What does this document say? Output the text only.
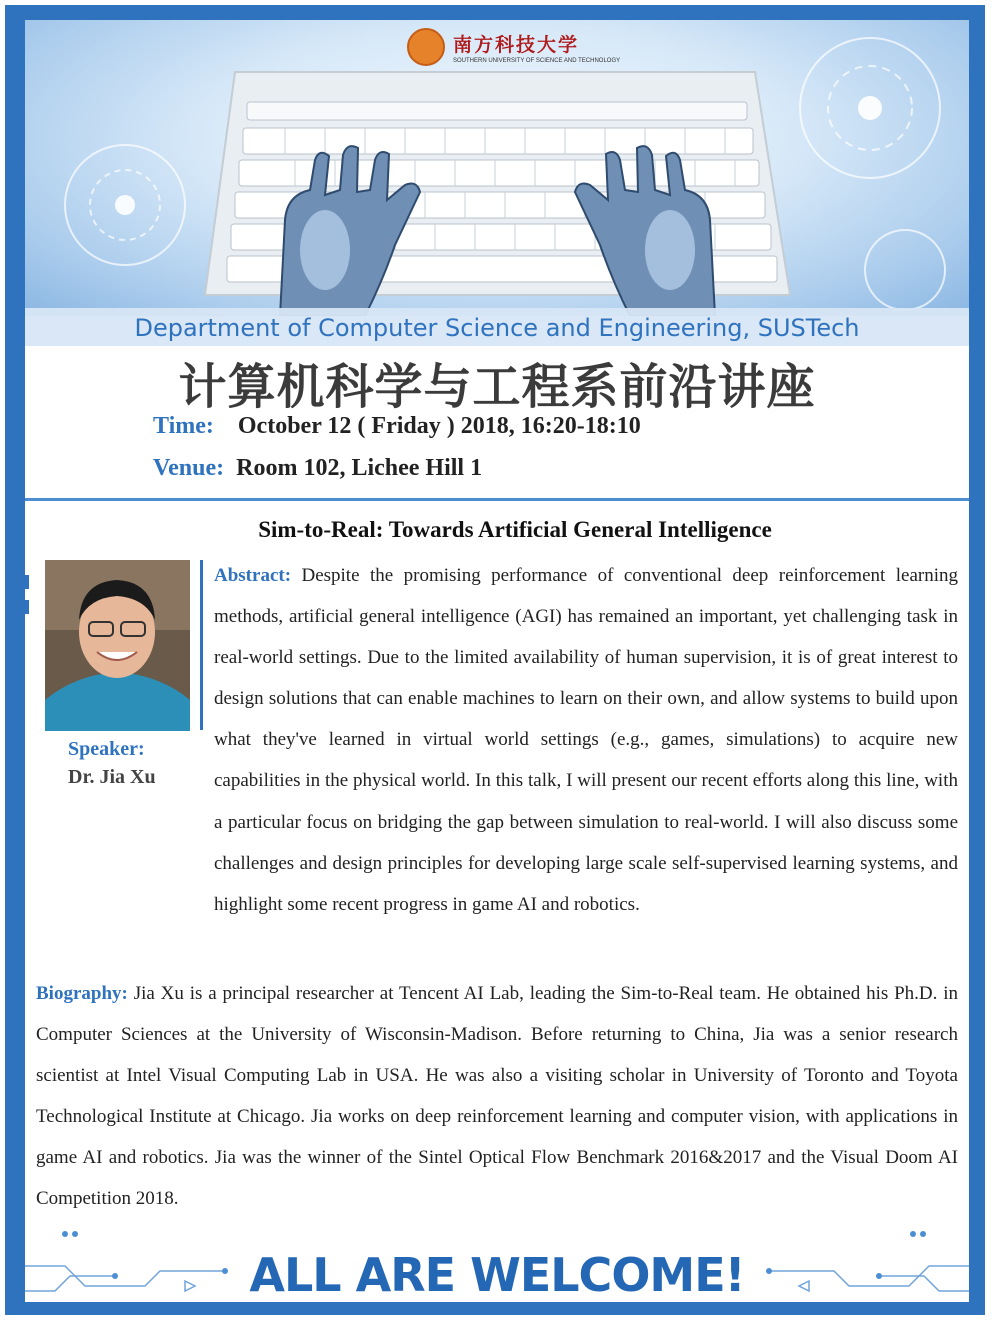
南方科技大学
SOUTHERN UNIVERSITY OF SCIENCE AND TECHNOLOGY
Department of Computer Science and Engineering, SUSTech
计算机科学与工程系前沿讲座
Time: October 12 ( Friday ) 2018, 16:20-18:10
Venue: Room 102, Lichee Hill 1
Sim-to-Real: Towards Artificial General Intelligence
Speaker:
Dr. Jia Xu

Abstract: Despite the promising performance of conventional deep reinforcement learning methods, artificial general intelligence (AGI) has remained an important, yet challenging task in real-world settings. Due to the limited availability of human supervision, it is of great interest to design solutions that can enable machines to learn on their own, and allow systems to build upon what they've learned in virtual world settings (e.g., games, simulations) to acquire new capabilities in the physical world. In this talk, I will present our recent efforts along this line, with a particular focus on bridging the gap between simulation to real-world. I will also discuss some challenges and design principles for developing large scale self-supervised learning systems, and highlight some recent progress in game AI and robotics.

Biography: Jia Xu is a principal researcher at Tencent AI Lab, leading the Sim-to-Real team. He obtained his Ph.D. in Computer Sciences at the University of Wisconsin-Madison. Before returning to China, Jia was a senior research scientist at Intel Visual Computing Lab in USA. He was also a visiting scholar in University of Toronto and Toyota Technological Institute at Chicago. Jia works on deep reinforcement learning and computer vision, with applications in game AI and robotics. Jia was the winner of the Sintel Optical Flow Benchmark 2016&2017 and the Visual Doom AI Competition 2018.

ALL ARE WELCOME!
